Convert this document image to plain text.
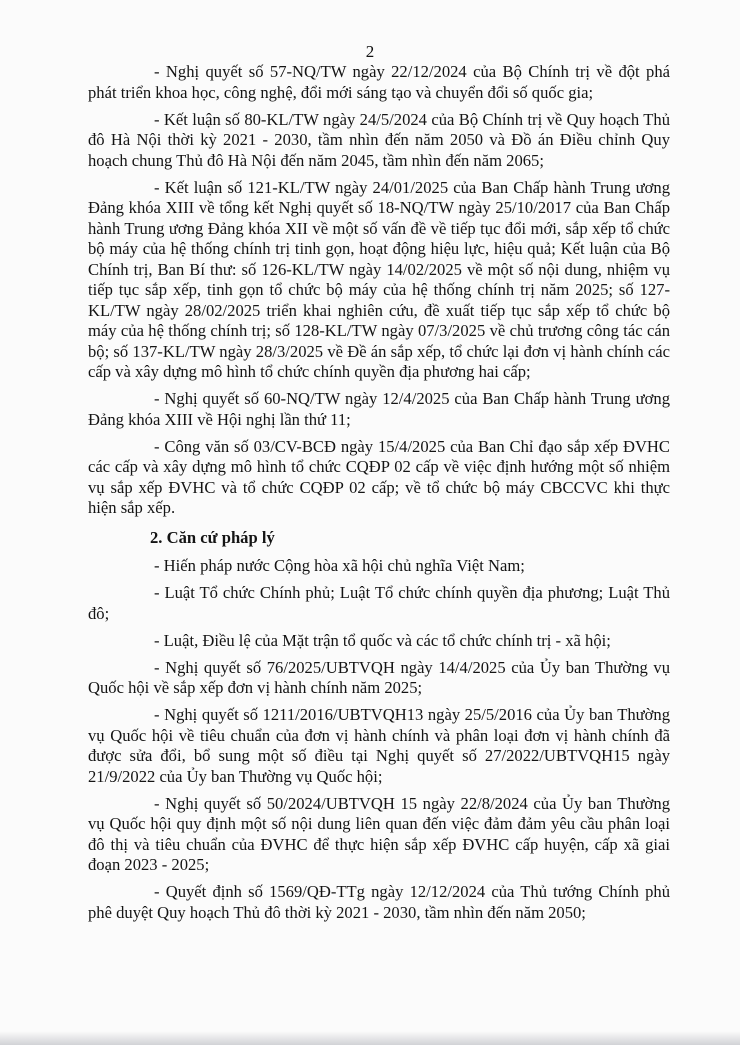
2

- Nghị quyết số 57-NQ/TW ngày 22/12/2024 của Bộ Chính trị về đột phá phát triển khoa học, công nghệ, đổi mới sáng tạo và chuyển đổi số quốc gia;

- Kết luận số 80-KL/TW ngày 24/5/2024 của Bộ Chính trị về Quy hoạch Thủ đô Hà Nội thời kỳ 2021 - 2030, tầm nhìn đến năm 2050 và Đồ án Điều chỉnh Quy hoạch chung Thủ đô Hà Nội đến năm 2045, tầm nhìn đến năm 2065;

- Kết luận số 121-KL/TW ngày 24/01/2025 của Ban Chấp hành Trung ương Đảng khóa XIII về tổng kết Nghị quyết số 18-NQ/TW ngày 25/10/2017 của Ban Chấp hành Trung ương Đảng khóa XII về một số vấn đề về tiếp tục đổi mới, sắp xếp tổ chức bộ máy của hệ thống chính trị tinh gọn, hoạt động hiệu lực, hiệu quả; Kết luận của Bộ Chính trị, Ban Bí thư: số 126-KL/TW ngày 14/02/2025 về một số nội dung, nhiệm vụ tiếp tục sắp xếp, tinh gọn tổ chức bộ máy của hệ thống chính trị năm 2025; số 127-KL/TW ngày 28/02/2025 triển khai nghiên cứu, đề xuất tiếp tục sắp xếp tổ chức bộ máy của hệ thống chính trị; số 128-KL/TW ngày 07/3/2025 về chủ trương công tác cán bộ; số 137-KL/TW ngày 28/3/2025 về Đề án sắp xếp, tổ chức lại đơn vị hành chính các cấp và xây dựng mô hình tổ chức chính quyền địa phương hai cấp;

- Nghị quyết số 60-NQ/TW ngày 12/4/2025 của Ban Chấp hành Trung ương Đảng khóa XIII về Hội nghị lần thứ 11;

- Công văn số 03/CV-BCĐ ngày 15/4/2025 của Ban Chỉ đạo sắp xếp ĐVHC các cấp và xây dựng mô hình tổ chức CQĐP 02 cấp về việc định hướng một số nhiệm vụ sắp xếp ĐVHC và tổ chức CQĐP 02 cấp; về tổ chức bộ máy CBCCVC khi thực hiện sắp xếp.

2. Căn cứ pháp lý

- Hiến pháp nước Cộng hòa xã hội chủ nghĩa Việt Nam;

- Luật Tổ chức Chính phủ; Luật Tổ chức chính quyền địa phương; Luật Thủ đô;

- Luật, Điều lệ của Mặt trận tổ quốc và các tổ chức chính trị - xã hội;

- Nghị quyết số 76/2025/UBTVQH ngày 14/4/2025 của Ủy ban Thường vụ Quốc hội về sắp xếp đơn vị hành chính năm 2025;

- Nghị quyết số 1211/2016/UBTVQH13 ngày 25/5/2016 của Ủy ban Thường vụ Quốc hội về tiêu chuẩn của đơn vị hành chính và phân loại đơn vị hành chính đã được sửa đổi, bổ sung một số điều tại Nghị quyết số 27/2022/UBTVQH15 ngày 21/9/2022 của Ủy ban Thường vụ Quốc hội;

- Nghị quyết số 50/2024/UBTVQH 15 ngày 22/8/2024 của Ủy ban Thường vụ Quốc hội quy định một số nội dung liên quan đến việc đảm đảm yêu cầu phân loại đô thị và tiêu chuẩn của ĐVHC để thực hiện sắp xếp ĐVHC cấp huyện, cấp xã giai đoạn 2023 - 2025;

- Quyết định số 1569/QĐ-TTg ngày 12/12/2024 của Thủ tướng Chính phủ phê duyệt Quy hoạch Thủ đô thời kỳ 2021 - 2030, tầm nhìn đến năm 2050;
